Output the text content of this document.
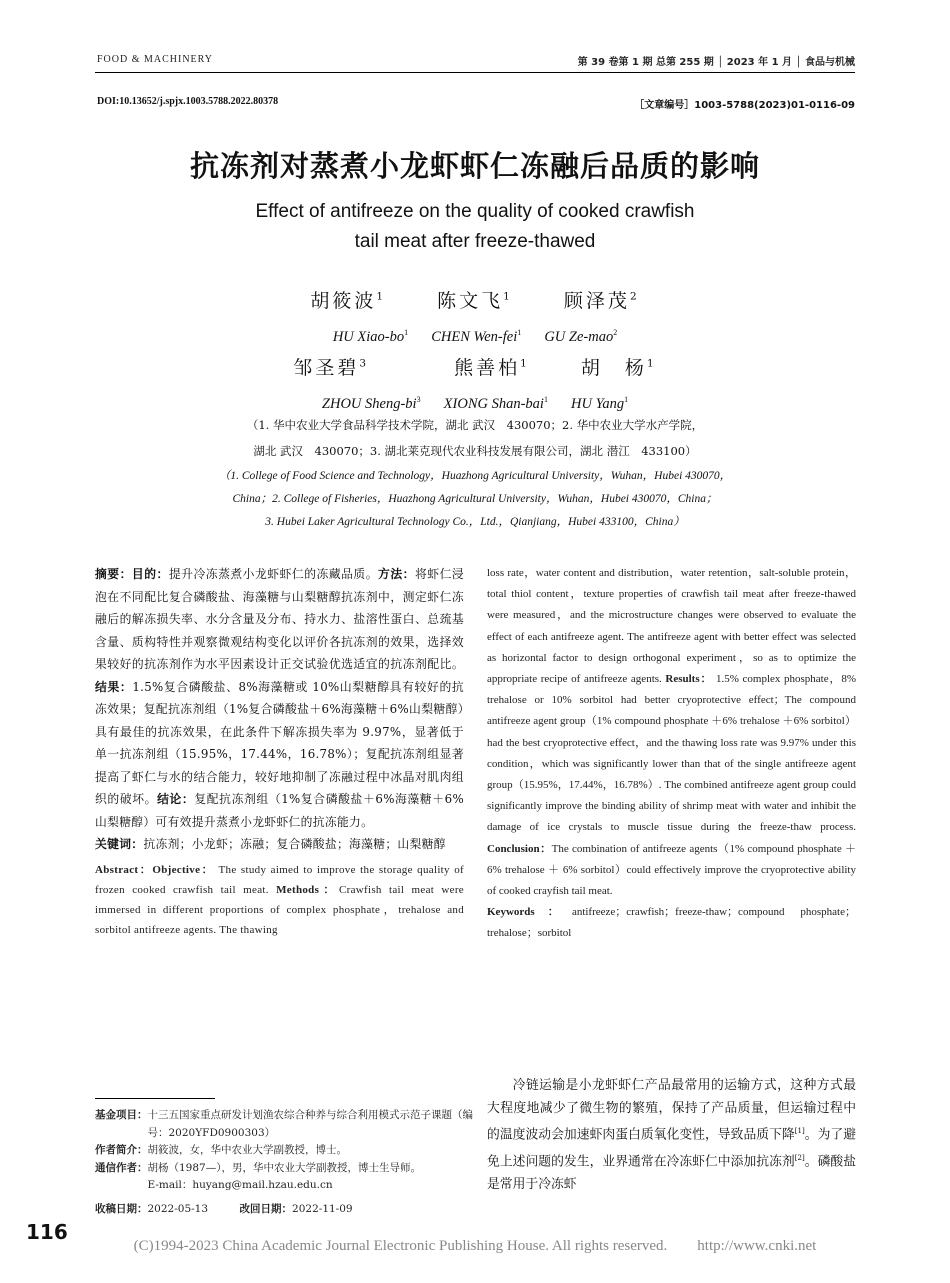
FOOD & MACHINERY	第 39 卷第 1 期 总第 255 期 │ 2023 年 1 月 │ 食品与机械
DOI:10.13652/j.spjx.1003.5788.2022.80378	［文章编号］1003-5788(2023)01-0116-09
抗冻剂对蒸煮小龙虾虾仁冻融后品质的影响
Effect of antifreeze on the quality of cooked crawfish
tail meat after freeze-thawed
胡筱波$^1$	陈文飞$^1$	顾泽茂$^2$
HU Xiao-$bo^1$ CHEN Wen-fei$^1$ GU Ze-mao$^2$
邹圣碧$^3$	熊善柏$^1$	胡　杨$^1$
ZHOU Sheng-$bi^3$ XIONG Shan-bai$^1$ HU Yang$^1$
（1. 华中农业大学食品科学技术学院，湖北 武汉　430070；2. 华中农业大学水产学院，
湖北 武汉　430070；3. 湖北莱克现代农业科技发展有限公司，湖北 潜江　433100）
（1. College of Food Science and Technology，Huazhong Agricultural University，Wuhan，Hubei 430070，
China；2. College of Fisheries，Huazhong Agricultural University，Wuhan，Hubei 430070，China；
3. Hubei Laker Agricultural Technology Co.，Ltd.，Qianjiang，Hubei 433100，China）
摘要：目的：提升冷冻蒸煮小龙虾虾仁的冻藏品质。方法：将虾仁浸泡在不同配比复合磷酸盐、海藻糖与山梨糖醇抗冻剂中，测定虾仁冻融后的解冻损失率、水分含量及分布、持水力、盐溶性蛋白、总巯基含量、质构特性并观察微观结构变化以评价各抗冻剂的效果，选择效果较好的抗冻剂作为水平因素设计正交试验优选适宜的抗冻剂配比。结果：1.5%复合磷酸盐、8%海藻糖或 10%山梨糖醇具有较好的抗冻效果；复配抗冻剂组（1%复合磷酸盐＋6%海藻糖＋6%山梨糖醇）具有最佳的抗冻效果，在此条件下解冻损失率为 9.97%，显著低于单一抗冻剂组（15.95%，17.44%，16.78%）；复配抗冻剂组显著提高了虾仁与水的结合能力，较好地抑制了冻融过程中冰晶对肌肉组织的破坏。结论：复配抗冻剂组（1%复合磷酸盐＋6%海藻糖＋6%山梨糖醇）可有效提升蒸煮小龙虾虾仁的抗冻能力。
关键词：抗冻剂；小龙虾；冻融；复合磷酸盐；海藻糖；山梨糖醇
Abstract：Objective： The study aimed to improve the storage quality of frozen cooked crawfish tail meat. Methods：Crawfish tail meat were immersed in different proportions of complex phosphate，trehalose and sorbitol antifreeze agents. The thawing
loss rate，water content and distribution，water retention，salt-soluble protein，total thiol content，texture properties of crawfish tail meat after freeze-thawed were measured，and the microstructure changes were observed to evaluate the effect of each antifreeze agent. The antifreeze agent with better effect was selected as horizontal factor to design orthogonal experiment，so as to optimize the appropriate recipe of antifreeze agents. Results： 1.5% complex phosphate，8% trehalose or 10% sorbitol had better cryoprotective effect；The compound antifreeze agent group（1% compound phosphate ＋6% trehalose ＋6% sorbitol）had the best cryoprotective effect，and the thawing loss rate was 9.97% under this condition，which was significantly lower than that of the single antifreeze agent group（15.95%，17.44%，16.78%）. The combined antifreeze agent group could significantly improve the binding ability of shrimp meat with water and inhibit the damage of ice crystals to muscle tissue during the freeze-thaw process. Conclusion：The combination of antifreeze agents（1% compound phosphate ＋ 6% trehalose ＋ 6% sorbitol）could effectively improve the cryoprotective ability of cooked crayfish tail meat.
Keywords：antifreeze；crawfish；freeze-thaw；compound phosphate；trehalose；sorbitol
基金项目：十三五国家重点研发计划渔农综合种养与综合利用模式示范子课题（编号：2020YFD0900303）
作者简介：胡筱波，女，华中农业大学副教授，博士。
通信作者：胡杨（1987—），男，华中农业大学副教授，博士生导师。
E-mail：huyang@mail.hzau.edu.cn
收稿日期：2022-05-13　　　	改回日期：2022-11-09
冷链运输是小龙虾虾仁产品最常用的运输方式，这种方式最大程度地减少了微生物的繁殖，保持了产品质量，但运输过程中的温度波动会加速虾肉蛋白质氧化变性，导致品质下降[1]。为了避免上述问题的发生，业界通常在冷冻虾仁中添加抗冻剂[2]。磷酸盐是常用于冷冻虾
116
(C)1994-2023 China Academic Journal Electronic Publishing House. All rights reserved.　　http://www.cnki.net
